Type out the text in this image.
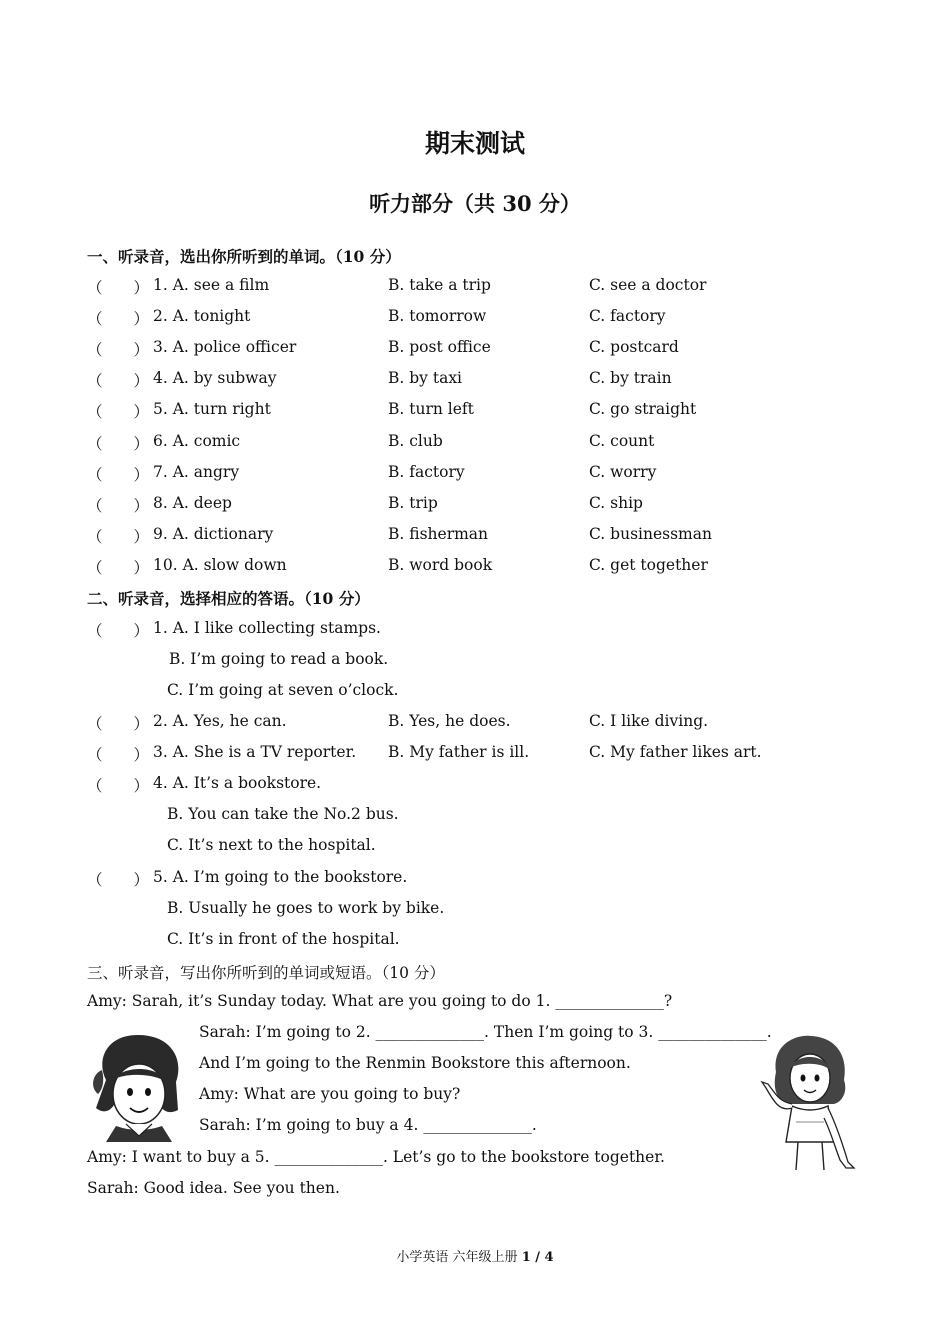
期末测试
听力部分（共 30 分）
一、听录音，选出你所听到的单词。（10 分）
（　　） 1. A. see a film	B. take a trip	C. see a doctor
（　　） 2. A. tonight	B. tomorrow	C. factory
（　　） 3. A. police officer	B. post office	C. postcard
（　　） 4. A. by subway	B. by taxi	C. by train
（　　） 5. A. turn right	B. turn left	C. go straight
（　　） 6. A. comic	B. club	C. count
（　　） 7. A. angry	B. factory	C. worry
（　　） 8. A. deep	B. trip	C. ship
（　　） 9. A. dictionary	B. fisherman	C. businessman
（　　） 10. A. slow down	B. word book	C. get together
二、听录音，选择相应的答语。（10 分）
（　　） 1. A. I like collecting stamps.
B. I’m going to read a book.
C. I’m going at seven o’clock.
（　　） 2. A. Yes, he can.	B. Yes, he does.	C. I like diving.
（　　） 3. A. She is a TV reporter. B. My father is ill.	C. My father likes art.
（　　） 4. A. It’s a bookstore.
B. You can take the No.2 bus.
C. It’s next to the hospital.
（　　） 5. A. I’m going to the bookstore.
B. Usually he goes to work by bike.
C. It’s in front of the hospital.
三、听录音，写出你所听到的单词或短语。（10 分）
Amy: Sarah, it’s Sunday today. What are you going to do 1. ______________?
Sarah: I’m going to 2. ______________. Then I’m going to 3. ______________.
And I’m going to the Renmin Bookstore this afternoon.
Amy: What are you going to buy?
Sarah: I’m going to buy a 4. ______________.
Amy: I want to buy a 5. ______________. Let’s go to the bookstore together.
Sarah: Good idea. See you then.
小学英语 六年级上册 1 / 4
